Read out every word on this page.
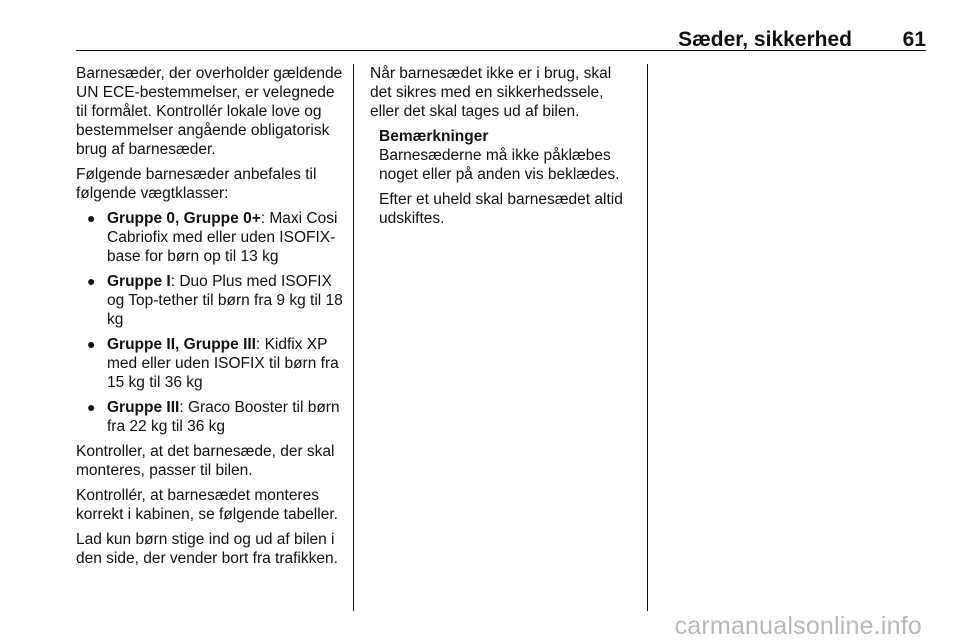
Sæder, sikkerhed 61

Barnesæder, der overholder gældende UN ECE-bestemmelser, er velegnede til formålet. Kontrollér lokale love og bestemmelser angående obligatorisk brug af barnesæder.

Følgende barnesæder anbefales til følgende vægtklasser:

● Gruppe 0, Gruppe 0+: Maxi Cosi Cabriofix med eller uden ISOFIX-base for børn op til 13 kg
● Gruppe I: Duo Plus med ISOFIX og Top-tether til børn fra 9 kg til 18 kg
● Gruppe II, Gruppe III: Kidfix XP med eller uden ISOFIX til børn fra 15 kg til 36 kg
● Gruppe III: Graco Booster til børn fra 22 kg til 36 kg

Kontroller, at det barnesæde, der skal monteres, passer til bilen.

Kontrollér, at barnesædet monteres korrekt i kabinen, se følgende tabeller.

Lad kun børn stige ind og ud af bilen i den side, der vender bort fra trafikken.

Når barnesædet ikke er i brug, skal det sikres med en sikkerhedssele, eller det skal tages ud af bilen.

Bemærkninger

Barnesæderne må ikke påklæbes noget eller på anden vis beklædes.

Efter et uheld skal barnesædet altid udskiftes.

carmanualsonline.info
